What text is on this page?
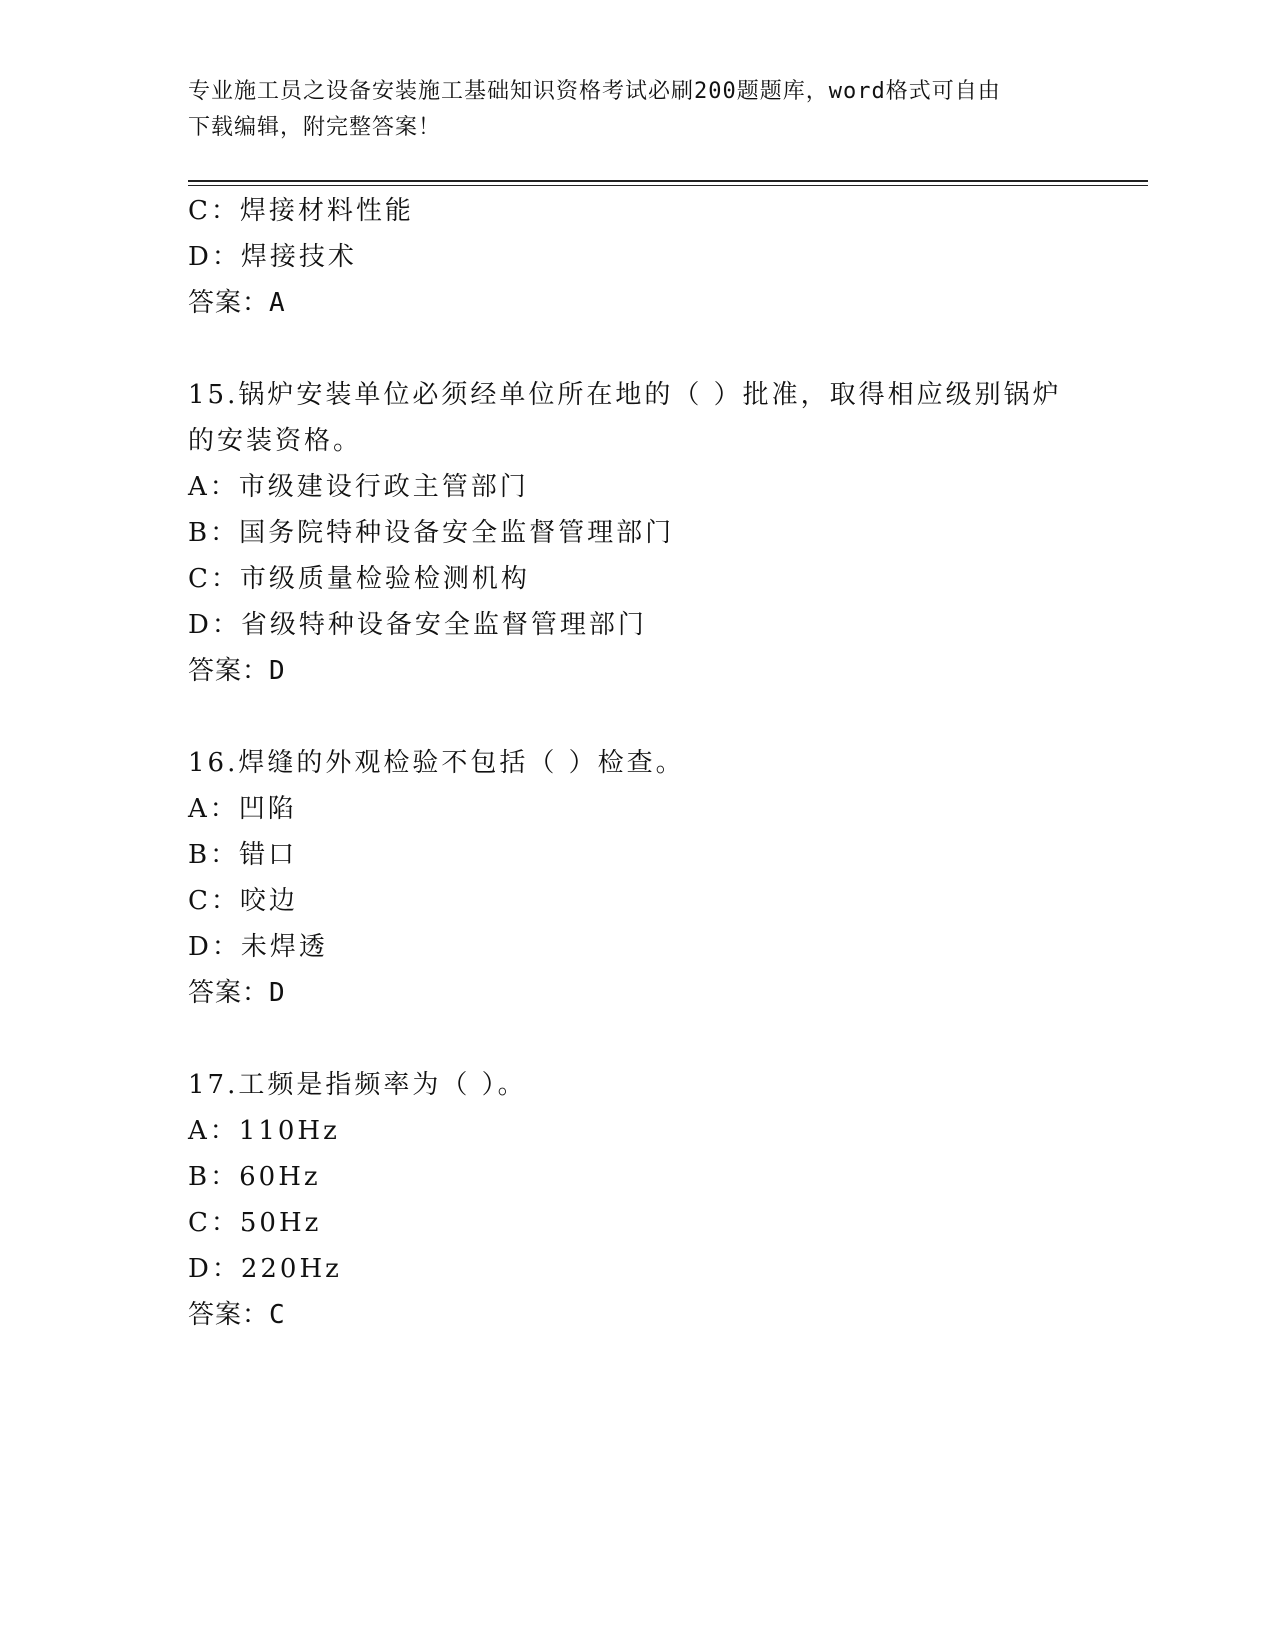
专业施工员之设备安装施工基础知识资格考试必刷200题题库，word格式可自由
下载编辑，附完整答案！
C：焊接材料性能
D：焊接技术
答案：A
15.锅炉安装单位必须经单位所在地的（ ）批准，取得相应级别锅炉
的安装资格。
A：市级建设行政主管部门
B：国务院特种设备安全监督管理部门
C：市级质量检验检测机构
D：省级特种设备安全监督管理部门
答案：D
16.焊缝的外观检验不包括（ ）检查。
A：凹陷
B：错口
C：咬边
D：未焊透
答案：D
17.工频是指频率为（ ）。
A：110Hz
B：60Hz
C：50Hz
D：220Hz
答案：C
